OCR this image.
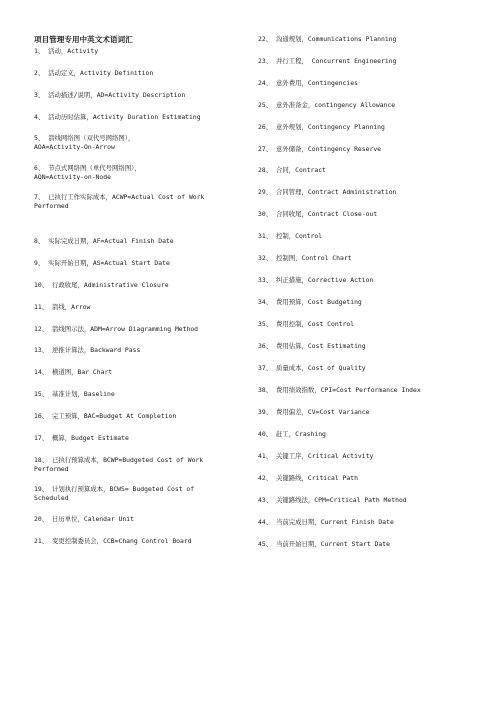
项目管理专用中英文术语词汇
1、 活动，Activity
2、 活动定义，Activity Definition
3、 活动描述/说明，AD=Activity Description
4、 活动历时估算，Activity Duration Estimating
5、 箭线网络图（双代号网络图），
AOA=Activity-On-Arrow
6、 节点式网络图（单代号网络图），
AON=Activity-on-Node
7、 已执行工作实际成本，ACWP=Actual Cost of Work
Performed
8、 实际完成日期，AF=Actual Finish Date
9、 实际开始日期，AS=Actual Start Date
10、 行政收尾，Administrative Closure
11、 箭线，Arrow
12、 箭线图示法，ADM=Arrow Diagramming Method
13、 逆推计算法，Backward Pass
14、 横道图，Bar Chart
15、 基准计划，Baseline
16、 完工预算，BAC=Budget At Completion
17、 概算，Budget Estimate
18、 已执行预算成本，BCWP=Budgeted Cost of Work
Performed
19、 计划执行预算成本，BCWS= Budgeted Cost of
Scheduled
20、 日历单位，Calendar Unit
21、 变更控制委员会，CCB=Chang Control Board
22、 沟通规划，Communications Planning
23、 并行工程， Concurrent Engineering
24、 意外费用，Contingencies
25、 意外准备金，contingency Allowance
26、 意外规划，Contingency Planning
27、 意外储备，Contingency Reserve
28、 合同，Contract
29、 合同管理，Contract Administration
30、 合同收尾，Contract Close-out
31、 控制，Control
32、 控制图，Control Chart
33、 纠正措施，Corrective Action
34、 费用预算，Cost Budgeting
35、 费用控制，Cost Control
36、 费用估算，Cost Estimating
37、 质量成本，Cost of Quality
38、 费用绩效指数，CPI=Cost Performance Index
39、 费用偏差，CV=Cost Variance
40、 赶工，Crashing
41、 关键工序，Critical Activity
42、 关键路线，Critical Path
43、 关键路线法，CPM=Critical Path Method
44、 当前完成日期，Current Finish Date
45、 当前开始日期，Current Start Date
